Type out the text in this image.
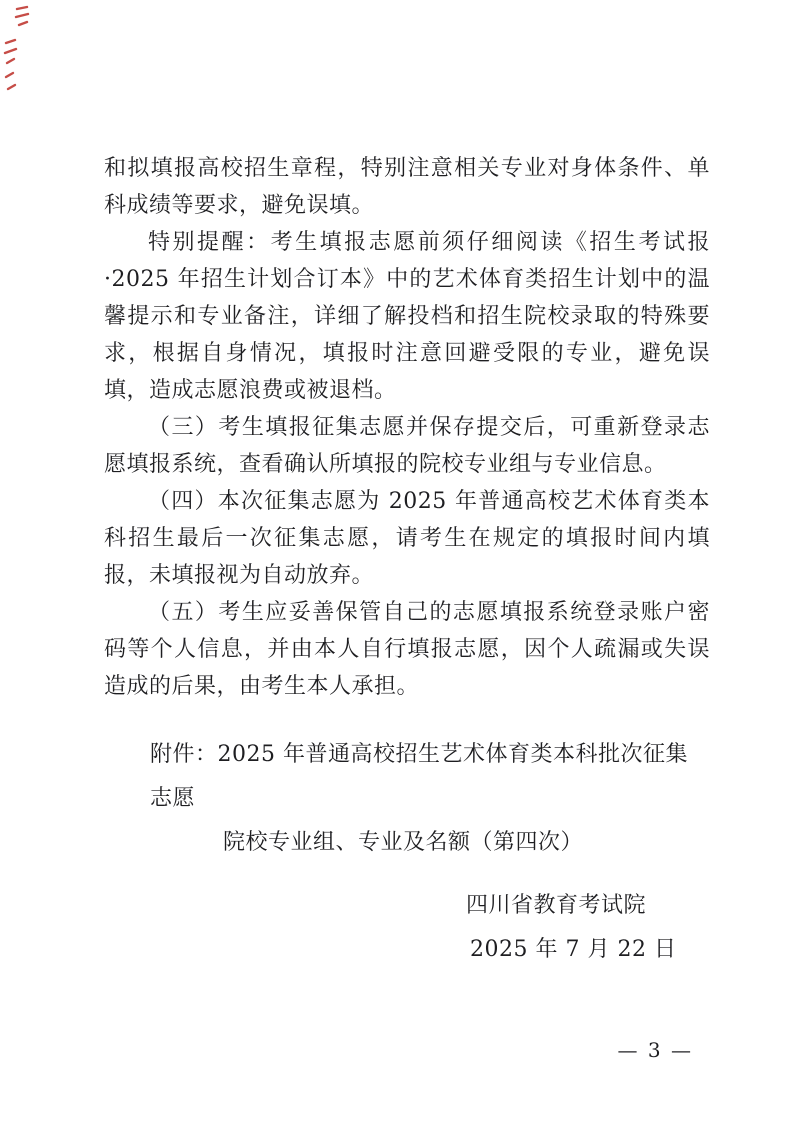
和拟填报高校招生章程，特别注意相关专业对身体条件、单科成绩等要求，避免误填。

特别提醒：考生填报志愿前须仔细阅读《招生考试报·2025 年招生计划合订本》中的艺术体育类招生计划中的温馨提示和专业备注，详细了解投档和招生院校录取的特殊要求，根据自身情况，填报时注意回避受限的专业，避免误填，造成志愿浪费或被退档。

（三）考生填报征集志愿并保存提交后，可重新登录志愿填报系统，查看确认所填报的院校专业组与专业信息。

（四）本次征集志愿为 2025 年普通高校艺术体育类本科招生最后一次征集志愿，请考生在规定的填报时间内填报，未填报视为自动放弃。

（五）考生应妥善保管自己的志愿填报系统登录账户密码等个人信息，并由本人自行填报志愿，因个人疏漏或失误造成的后果，由考生本人承担。

附件：2025 年普通高校招生艺术体育类本科批次征集志愿
院校专业组、专业及名额（第四次）
四川省教育考试院
2025 年 7 月 22 日
— 3 —
